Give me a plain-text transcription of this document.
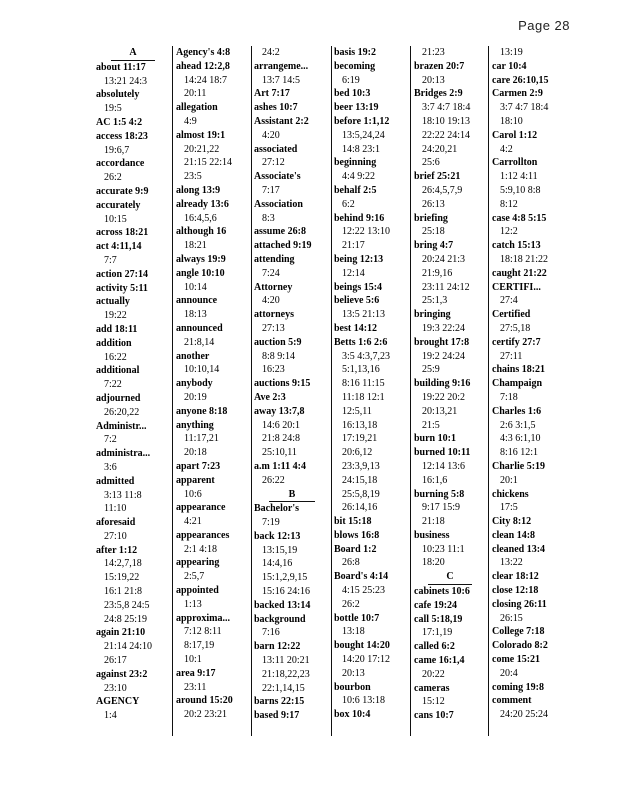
Page 28
A
about 11:17
13:21 24:3
absolutely
19:5
AC 1:5 4:2
access 18:23
19:6,7
accordance
26:2
accurate 9:9
accurately
10:15
across 18:21
act 4:11,14
7:7
action 27:14
activity 5:11
actually
19:22
add 18:11
addition
16:22
additional
7:22
adjourned
26:20,22
Administr...
7:2
administra...
3:6
admitted
3:13 11:8
11:10
aforesaid
27:10
after 1:12
14:2,7,18
15:19,22
16:1 21:8
23:5,8 24:5
24:8 25:19
again 21:10
21:14 24:10
26:17
against 23:2
23:10
AGENCY
1:4
Agency's 4:8
ahead 12:2,8
14:24 18:7
20:11
allegation
4:9
almost 19:1
20:21,22
21:15 22:14
23:5
along 13:9
already 13:6
16:4,5,6
although 16
18:21
always 19:9
angle 10:10
10:14
announce
18:13
announced
21:8,14
another
10:10,14
anybody
20:19
anyone 8:18
anything
11:17,21
20:18
apart 7:23
apparent
10:6
appearance
4:21
appearances
2:1 4:18
appearing
2:5,7
appointed
1:13
approxima...
7:12 8:11
8:17,19
10:1
area 9:17
23:11
around 15:20
20:2 23:21
24:2
arrangeme...
13:7 14:5
Art 7:17
ashes 10:7
Assistant 2:2
4:20
associated
27:12
Associate's
7:17
Association
8:3
assume 26:8
attached 9:19
attending
7:24
Attorney
4:20
attorneys
27:13
auction 5:9
8:8 9:14
16:23
auctions 9:15
Ave 2:3
away 13:7,8
14:6 20:1
21:8 24:8
25:10,11
a.m 1:11 4:4
26:22
B
Bachelor's
7:19
back 12:13
13:15,19
14:4,16
15:1,2,9,15
15:16 24:16
backed 13:14
background
7:16
barn 12:22
13:11 20:21
21:18,22,23
22:1,14,15
barns 22:15
based 9:17
basis 19:2
becoming
6:19
bed 10:3
beer 13:19
before 1:1,12
13:5,24,24
14:8 23:1
beginning
4:4 9:22
behalf 2:5
6:2
behind 9:16
12:22 13:10
21:17
being 12:13
12:14
beings 15:4
believe 5:6
13:5 21:13
best 14:12
Betts 1:6 2:6
3:5 4:3,7,23
5:1,13,16
8:16 11:15
11:18 12:1
12:5,11
16:13,18
17:19,21
20:6,12
23:3,9,13
24:15,18
25:5,8,19
26:14,16
bit 15:18
blows 16:8
Board 1:2
26:8
Board's 4:14
4:15 25:23
26:2
bottle 10:7
13:18
bought 14:20
14:20 17:12
20:13
bourbon
10:6 13:18
box 10:4
21:23
brazen 20:7
20:13
Bridges 2:9
3:7 4:7 18:4
18:10 19:13
22:22 24:14
24:20,21
25:6
brief 25:21
26:4,5,7,9
26:13
briefing
25:18
bring 4:7
20:24 21:3
21:9,16
23:11 24:12
25:1,3
bringing
19:3 22:24
brought 17:8
19:2 24:24
25:9
building 9:16
19:22 20:2
20:13,21
21:5
burn 10:1
burned 10:11
12:14 13:6
16:1,6
burning 5:8
9:17 15:9
21:18
business
10:23 11:1
18:20
C
cabinets 10:6
cafe 19:24
call 5:18,19
17:1,19
called 6:2
came 16:1,4
20:22
cameras
15:12
cans 10:7
13:19
car 10:4
care 26:10,15
Carmen 2:9
3:7 4:7 18:4
18:10
Carol 1:12
4:2
Carrollton
1:12 4:11
5:9,10 8:8
8:12
case 4:8 5:15
12:2
catch 15:13
18:18 21:22
caught 21:22
CERTIFI...
27:4
Certified
27:5,18
certify 27:7
27:11
chains 18:21
Champaign
7:18
Charles 1:6
2:6 3:1,5
4:3 6:1,10
8:16 12:1
Charlie 5:19
20:1
chickens
17:5
City 8:12
clean 14:8
cleaned 13:4
13:22
clear 18:12
close 12:18
closing 26:11
26:15
College 7:18
Colorado 8:2
come 15:21
20:4
coming 19:8
comment
24:20 25:24
